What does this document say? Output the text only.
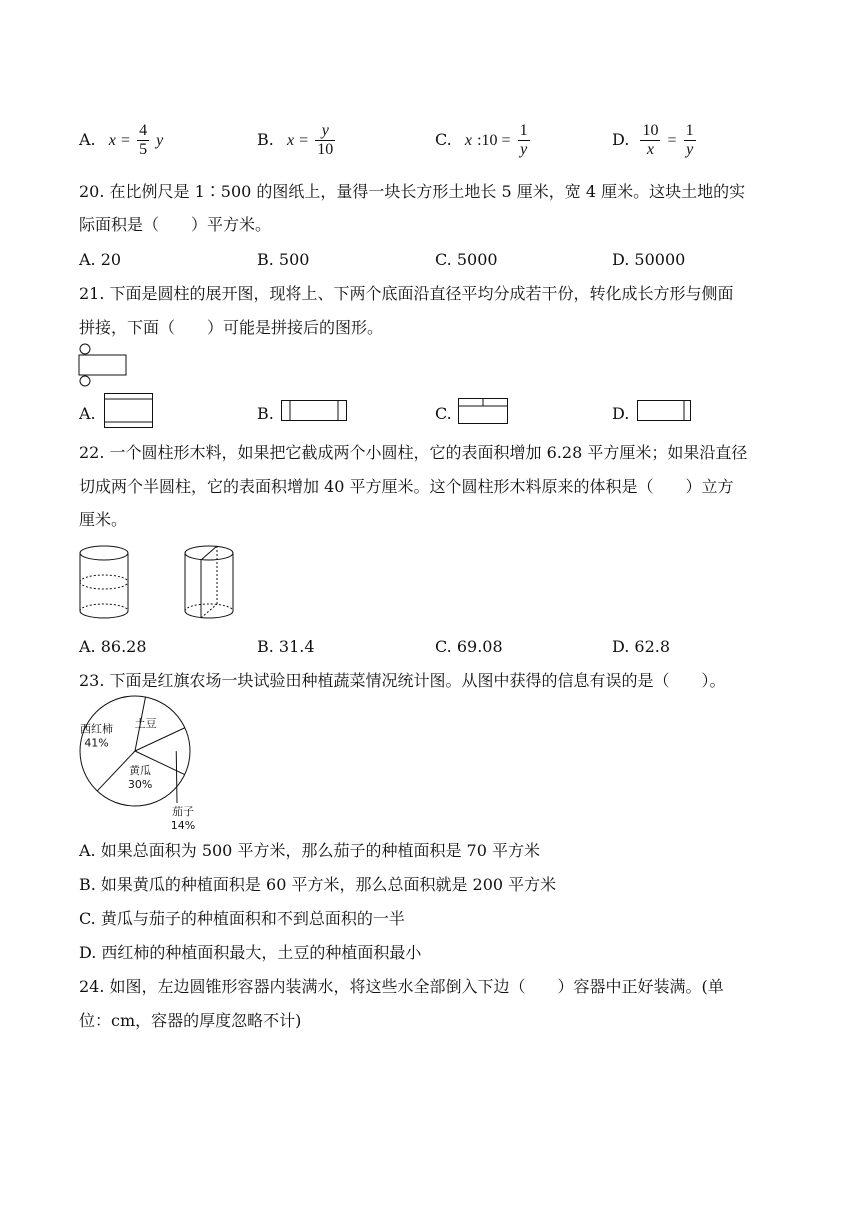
A. $x = \frac{4}{5}$ y	B. $x = \frac{y}{10}$	C. x :10 = $\frac{1}{y}$	D. $\frac{10}{x} = \frac{1}{y}$
20. 在比例尺是 1∶500 的图纸上，量得一块长方形土地长 5 厘米，宽 4 厘米。这块土地的实
际面积是（　　）平方米。
A. 20	B. 500	C. 5000	D. 50000
21. 下面是圆柱的展开图，现将上、下两个底面沿直径平均分成若干份，转化成长方形与侧面
拼接，下面（　　）可能是拼接后的图形。
A.	B.	C.	D.
22. 一个圆柱形木料，如果把它截成两个小圆柱，它的表面积增加 6.28 平方厘米；如果沿直径
切成两个半圆柱，它的表面积增加 40 平方厘米。这个圆柱形木料原来的体积是（　　）立方
厘米。
A. 86.28	B. 31.4	C. 69.08	D. 62.8
23. 下面是红旗农场一块试验田种植蔬菜情况统计图。从图中获得的信息有误的是（　　）。
西红柿
41%
黄瓜
30%
茄子
14%
土豆
A. 如果总面积为 500 平方米，那么茄子的种植面积是 70 平方米
B. 如果黄瓜的种植面积是 60 平方米，那么总面积就是 200 平方米
C. 黄瓜与茄子的种植面积和不到总面积的一半
D. 西红柿的种植面积最大，土豆的种植面积最小
24. 如图，左边圆锥形容器内装满水，将这些水全部倒入下边（　　）容器中正好装满。(单
位：cm，容器的厚度忽略不计)
